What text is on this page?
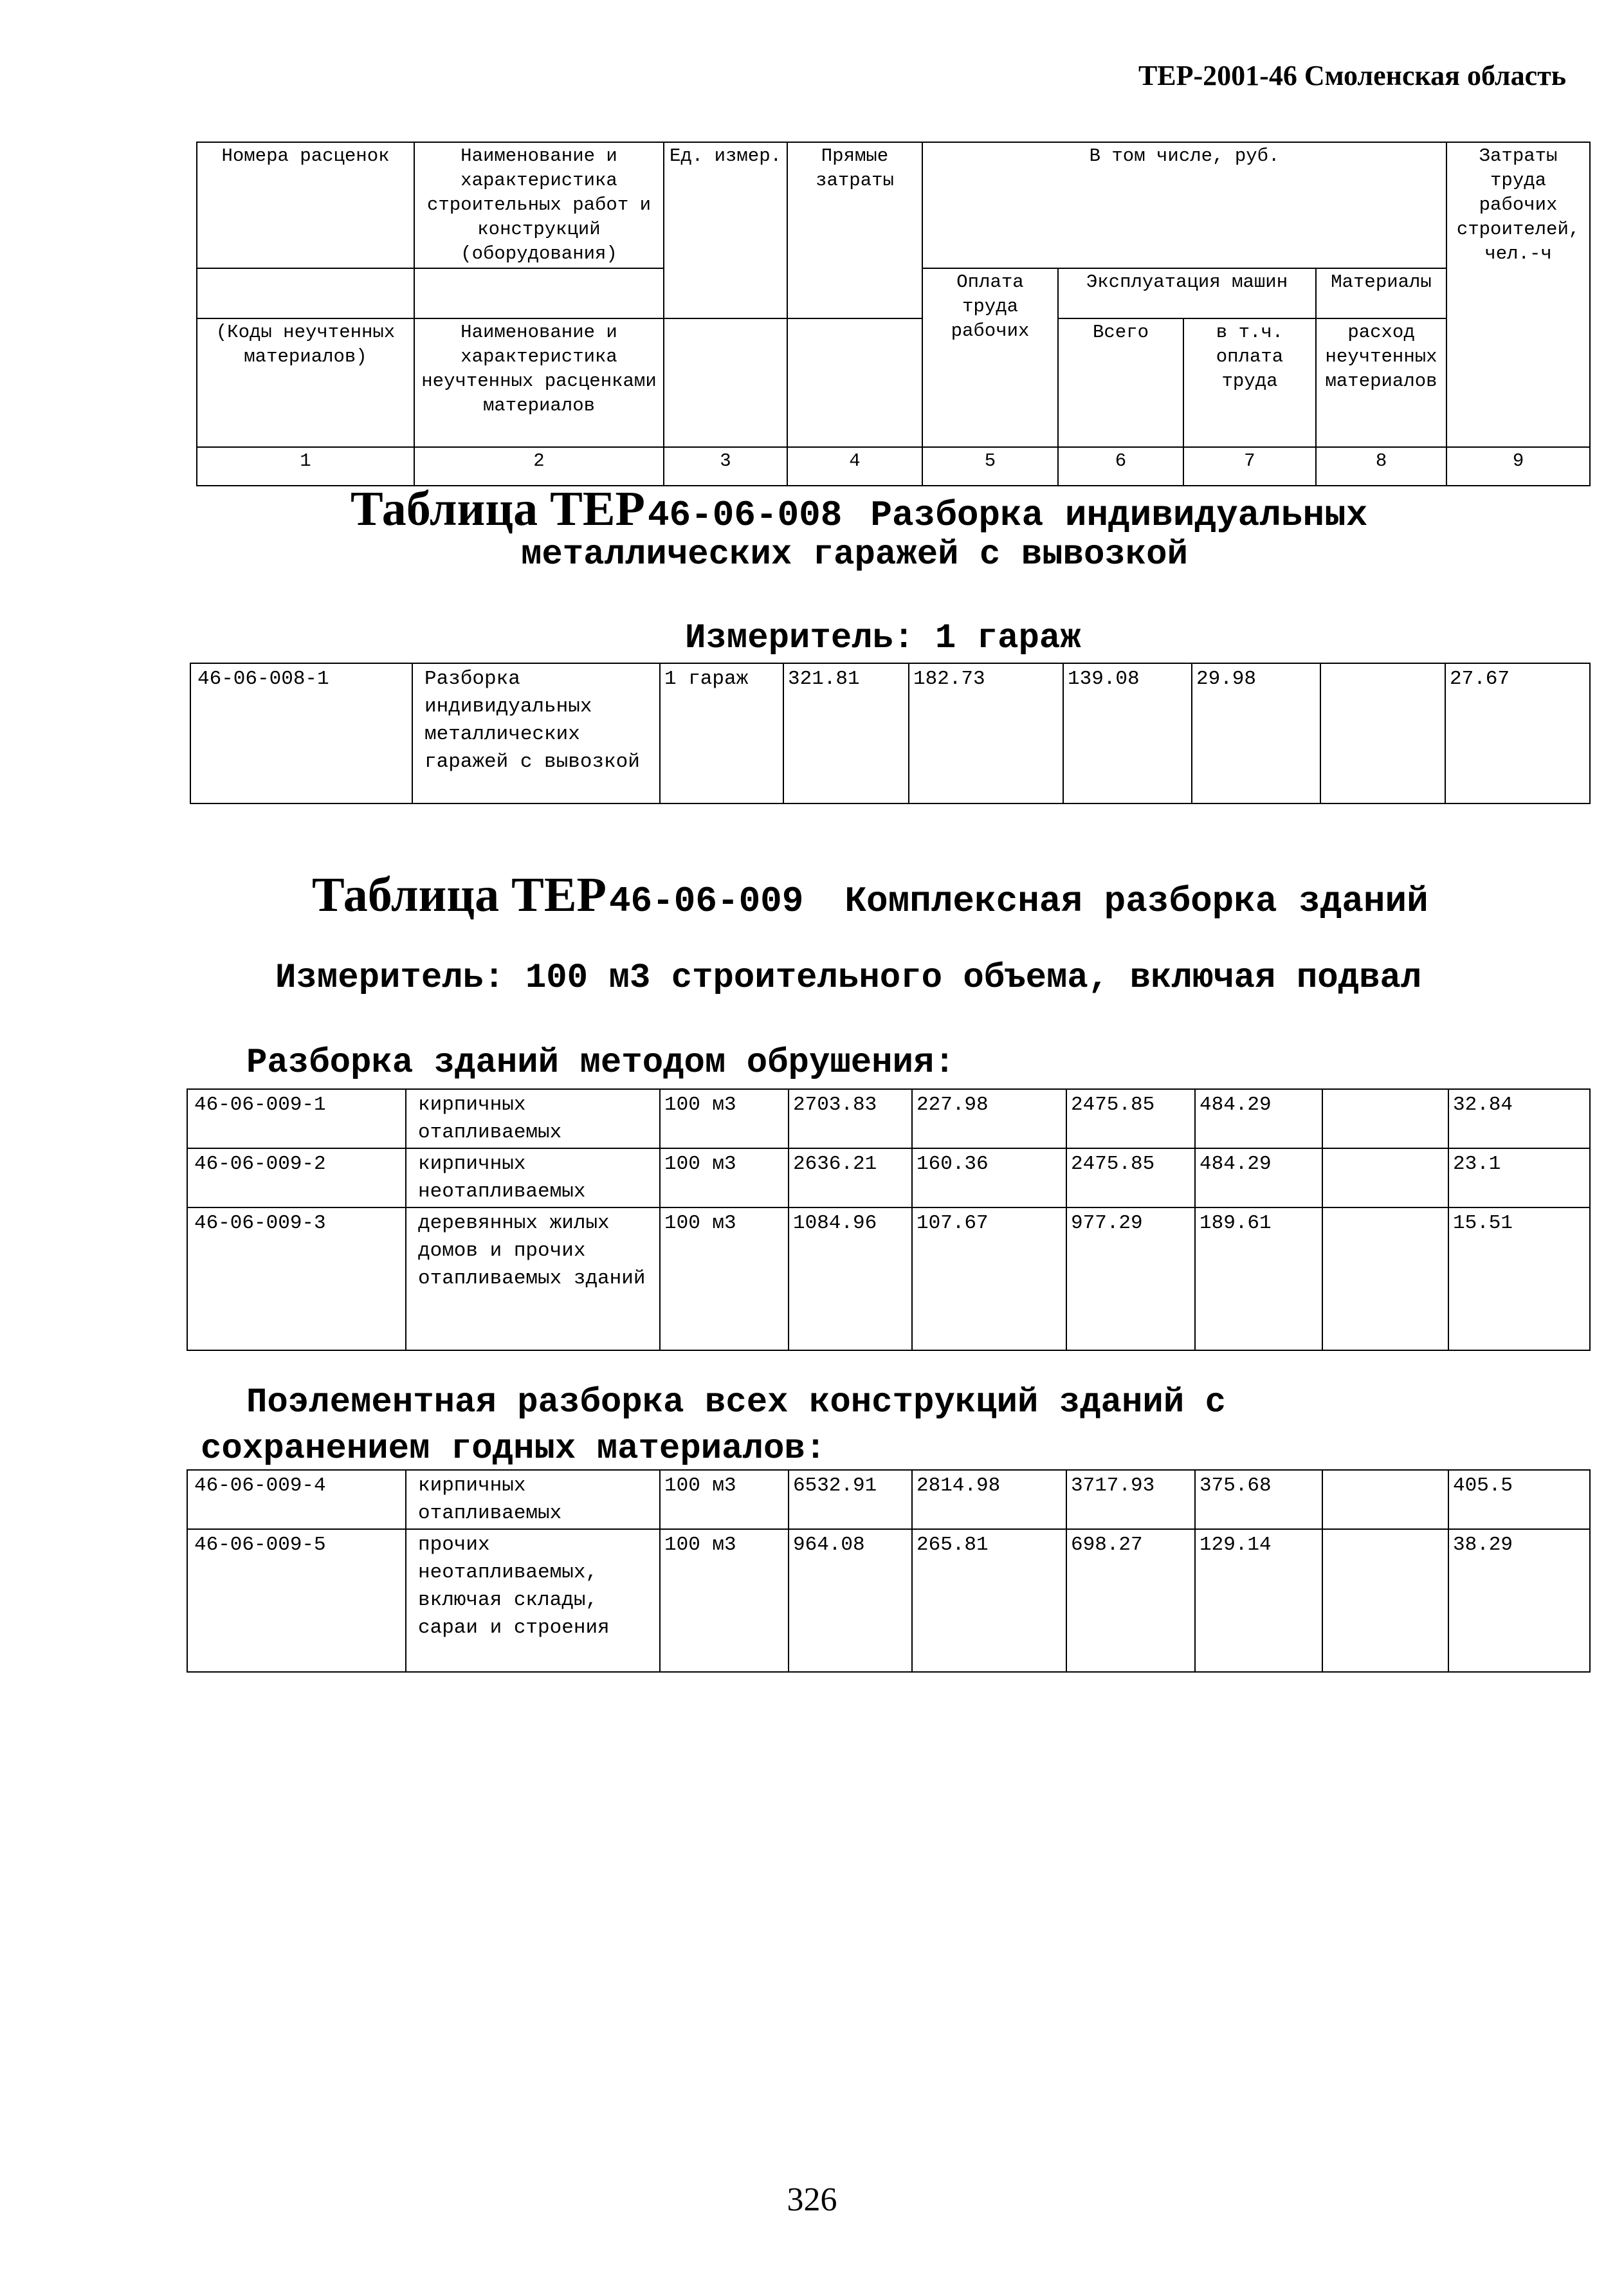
ТЕР-2001-46 Смоленская область
Номера расценок	Наименование и характеристика строительных работ и конструкций (оборудования)	Ед. измер.	Прямые затраты	В том числе, руб.				Затраты труда рабочих строителей, чел.-ч
				Оплата труда рабочих	Эксплуатация машин		Материалы	
(Коды неучтенных материалов)	Наименование и характеристика неучтенных расценками материалов				Всего	в т.ч. оплата труда	расход неучтенных материалов	

1	2	3	4	5	6	7	8	9
Таблица ТЕР 46-06-008 Разборка индивидуальных
металлических гаражей с вывозкой
Измеритель: 1 гараж
46-06-008-1	Разборка индивидуальных металлических гаражей с вывозкой	1 гараж	321.81	182.73	139.08	29.98		27.67
Таблица ТЕР 46-06-009 Комплексная разборка зданий
Измеритель: 100 м3 строительного объема, включая подвал
Разборка зданий методом обрушения:
46-06-009-1	кирпичных отапливаемых	100 м3	2703.83	227.98	2475.85	484.29		32.84
46-06-009-2	кирпичных неотапливаемых	100 м3	2636.21	160.36	2475.85	484.29		23.1
46-06-009-3	деревянных жилых домов и прочих отапливаемых зданий	100 м3	1084.96	107.67	977.29	189.61		15.51
Поэлементная разборка всех конструкций зданий с
сохранением годных материалов:
46-06-009-4	кирпичных отапливаемых	100 м3	6532.91	2814.98	3717.93	375.68		405.5
46-06-009-5	прочих неотапливаемых, включая склады, сараи и строения	100 м3	964.08	265.81	698.27	129.14		38.29
326
